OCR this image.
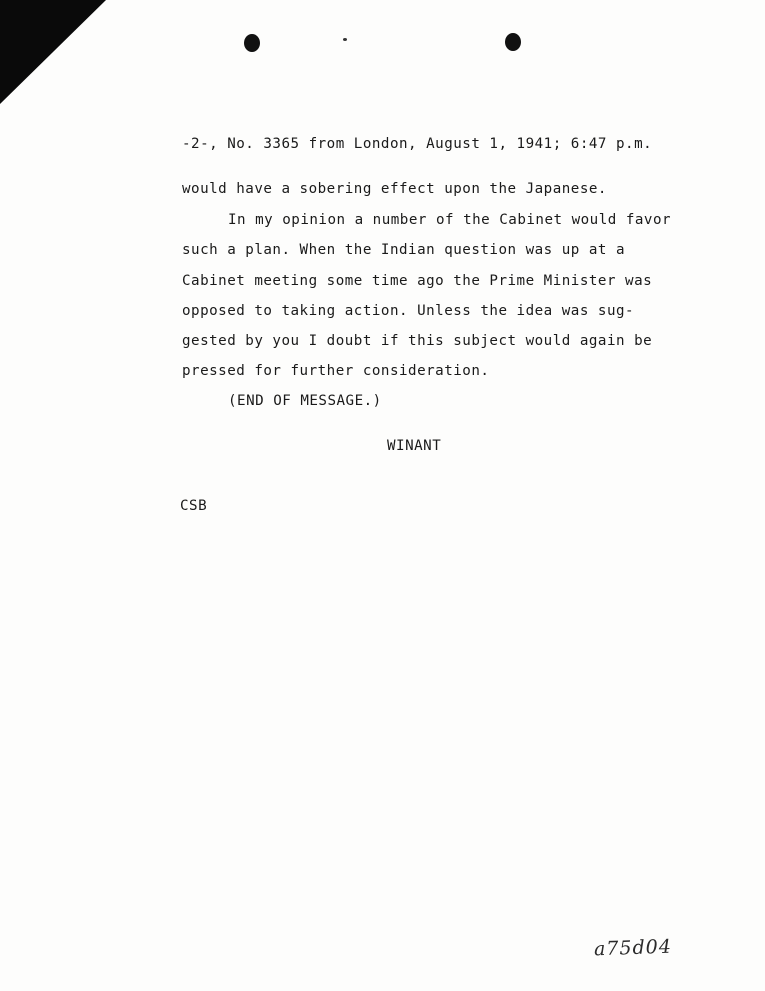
-2-, No. 3365 from London, August 1, 1941; 6:47 p.m.
would have a sobering effect upon the Japanese.
In my opinion a number of the Cabinet would favor
such a plan. When the Indian question was up at a
Cabinet meeting some time ago the Prime Minister was
opposed to taking action. Unless the idea was sug-
gested by you I doubt if this subject would again be
pressed for further consideration.
(END OF MESSAGE.)
WINANT
CSB
a75d04
